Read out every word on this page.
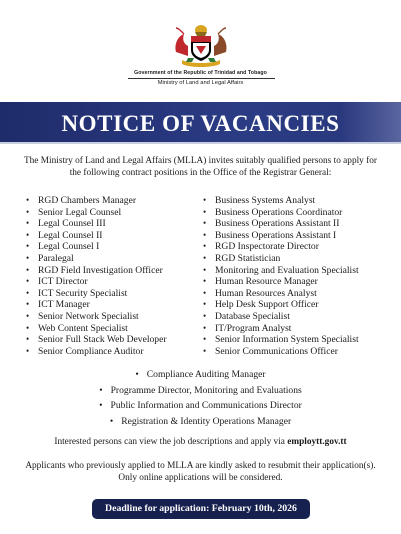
Government of the Republic of Trinidad and Tobago
Ministry of Land and Legal Affairs
NOTICE OF VACANCIES
The Ministry of Land and Legal Affairs (MLLA) invites suitably qualified persons to apply for the following contract positions in the Office of the Registrar General:
• RGD Chambers Manager
• Senior Legal Counsel
• Legal Counsel III
• Legal Counsel II
• Legal Counsel I
• Paralegal
• RGD Field Investigation Officer
• ICT Director
• ICT Security Specialist
• ICT Manager
• Senior Network Specialist
• Web Content Specialist
• Senior Full Stack Web Developer
• Senior Compliance Auditor
• Business Systems Analyst
• Business Operations Coordinator
• Business Operations Assistant II
• Business Operations Assistant I
• RGD Inspectorate Director
• RGD Statistician
• Monitoring and Evaluation Specialist
• Human Resource Manager
• Human Resources Analyst
• Help Desk Support Officer
• Database Specialist
• IT/Program Analyst
• Senior Information System Specialist
• Senior Communications Officer
• Compliance Auditing Manager
• Programme Director, Monitoring and Evaluations
• Public Information and Communications Director
• Registration & Identity Operations Manager
Interested persons can view the job descriptions and apply via employtt.gov.tt
Applicants who previously applied to MLLA are kindly asked to resubmit their application(s).
Only online applications will be considered.
Deadline for application: February 10th, 2026
